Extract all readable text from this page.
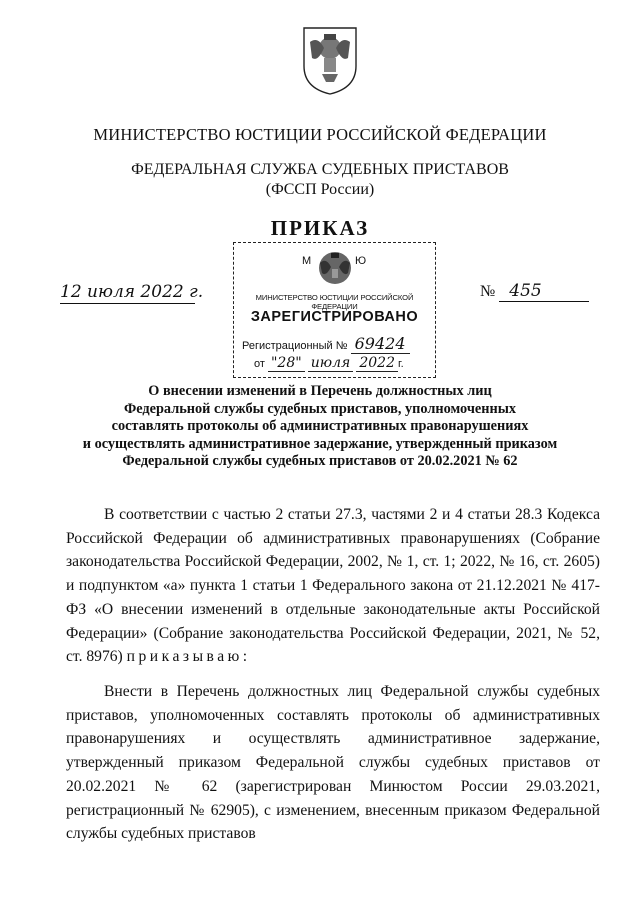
МИНИСТЕРСТВО ЮСТИЦИИ РОССИЙСКОЙ ФЕДЕРАЦИИ
ФЕДЕРАЛЬНАЯ СЛУЖБА СУДЕБНЫХ ПРИСТАВОВ
(ФССП России)
ПРИКАЗ
12 июля 2022 г.	№ 455
М	Ю
МИНИСТЕРСТВО ЮСТИЦИИ РОССИЙСКОЙ ФЕДЕРАЦИИ
ЗАРЕГИСТРИРОВАНО
Регистрационный № 69424
от "28" июля 2022 г.
О внесении изменений в Перечень должностных лиц
Федеральной службы судебных приставов, уполномоченных
составлять протоколы об административных правонарушениях
и осуществлять административное задержание, утвержденный приказом
Федеральной службы судебных приставов от 20.02.2021 № 62
В соответствии с частью 2 статьи 27.3, частями 2 и 4 статьи 28.3 Кодекса Российской Федерации об административных правонарушениях (Собрание законодательства Российской Федерации, 2002, № 1, ст. 1; 2022, № 16, ст. 2605) и подпунктом «а» пункта 1 статьи 1 Федерального закона от 21.12.2021 № 417-ФЗ «О внесении изменений в отдельные законодательные акты Российской Федерации» (Собрание законодательства Российской Федерации, 2021, № 52, ст. 8976) приказываю:
Внести в Перечень должностных лиц Федеральной службы судебных приставов, уполномоченных составлять протоколы об административных правонарушениях и осуществлять административное задержание, утвержденный приказом Федеральной службы судебных приставов от 20.02.2021 № 62 (зарегистрирован Минюстом России 29.03.2021, регистрационный № 62905), с изменением, внесенным приказом Федеральной службы судебных приставов
